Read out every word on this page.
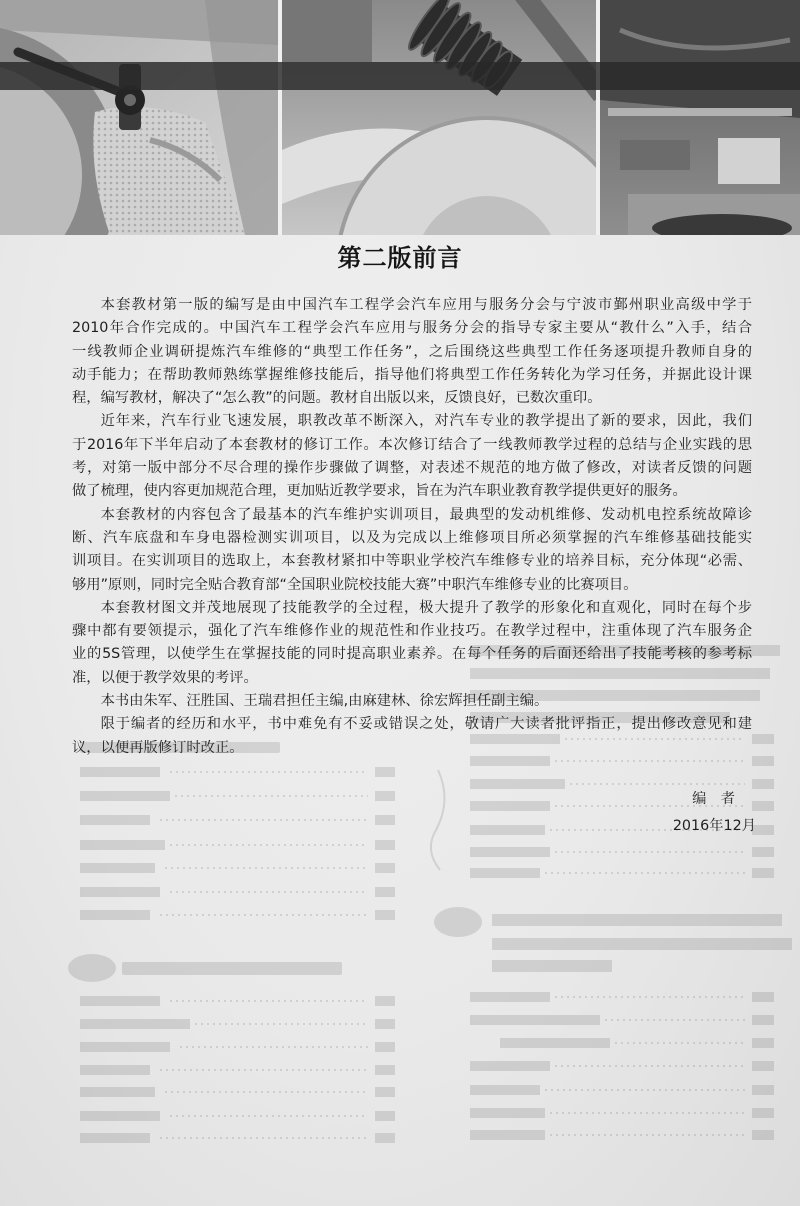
第二版前言
本套教材第一版的编写是由中国汽车工程学会汽车应用与服务分会与宁波市鄞州职业高级中学于
2010年合作完成的。中国汽车工程学会汽车应用与服务分会的指导专家主要从“教什么”入手，结合
一线教师企业调研提炼汽车维修的“典型工作任务”，之后围绕这些典型工作任务逐项提升教师自身的
动手能力；在帮助教师熟练掌握维修技能后，指导他们将典型工作任务转化为学习任务，并据此设计课
程，编写教材，解决了“怎么教”的问题。教材自出版以来，反馈良好，已数次重印。
近年来，汽车行业飞速发展，职教改革不断深入，对汽车专业的教学提出了新的要求，因此，我们
于2016年下半年启动了本套教材的修订工作。本次修订结合了一线教师教学过程的总结与企业实践的思
考，对第一版中部分不尽合理的操作步骤做了调整，对表述不规范的地方做了修改，对读者反馈的问题
做了梳理，使内容更加规范合理，更加贴近教学要求，旨在为汽车职业教育教学提供更好的服务。
本套教材的内容包含了最基本的汽车维护实训项目，最典型的发动机维修、发动机电控系统故障诊
断、汽车底盘和车身电器检测实训项目，以及为完成以上维修项目所必须掌握的汽车维修基础技能实
训项目。在实训项目的选取上，本套教材紧扣中等职业学校汽车维修专业的培养目标，充分体现“必需、
够用”原则，同时完全贴合教育部“全国职业院校技能大赛”中职汽车维修专业的比赛项目。
本套教材图文并茂地展现了技能教学的全过程，极大提升了教学的形象化和直观化，同时在每个步
骤中都有要领提示，强化了汽车维修作业的规范性和作业技巧。在教学过程中，注重体现了汽车服务企
业的5S管理，以使学生在掌握技能的同时提高职业素养。在每个任务的后面还给出了技能考核的参考标
准，以便于教学效果的考评。
本书由朱军、汪胜国、王瑞君担任主编,由麻建林、徐宏辉担任副主编。
限于编者的经历和水平，书中难免有不妥或错误之处，敬请广大读者批评指正，提出修改意见和建
议，以便再版修订时改正。
编　者
2016年12月
